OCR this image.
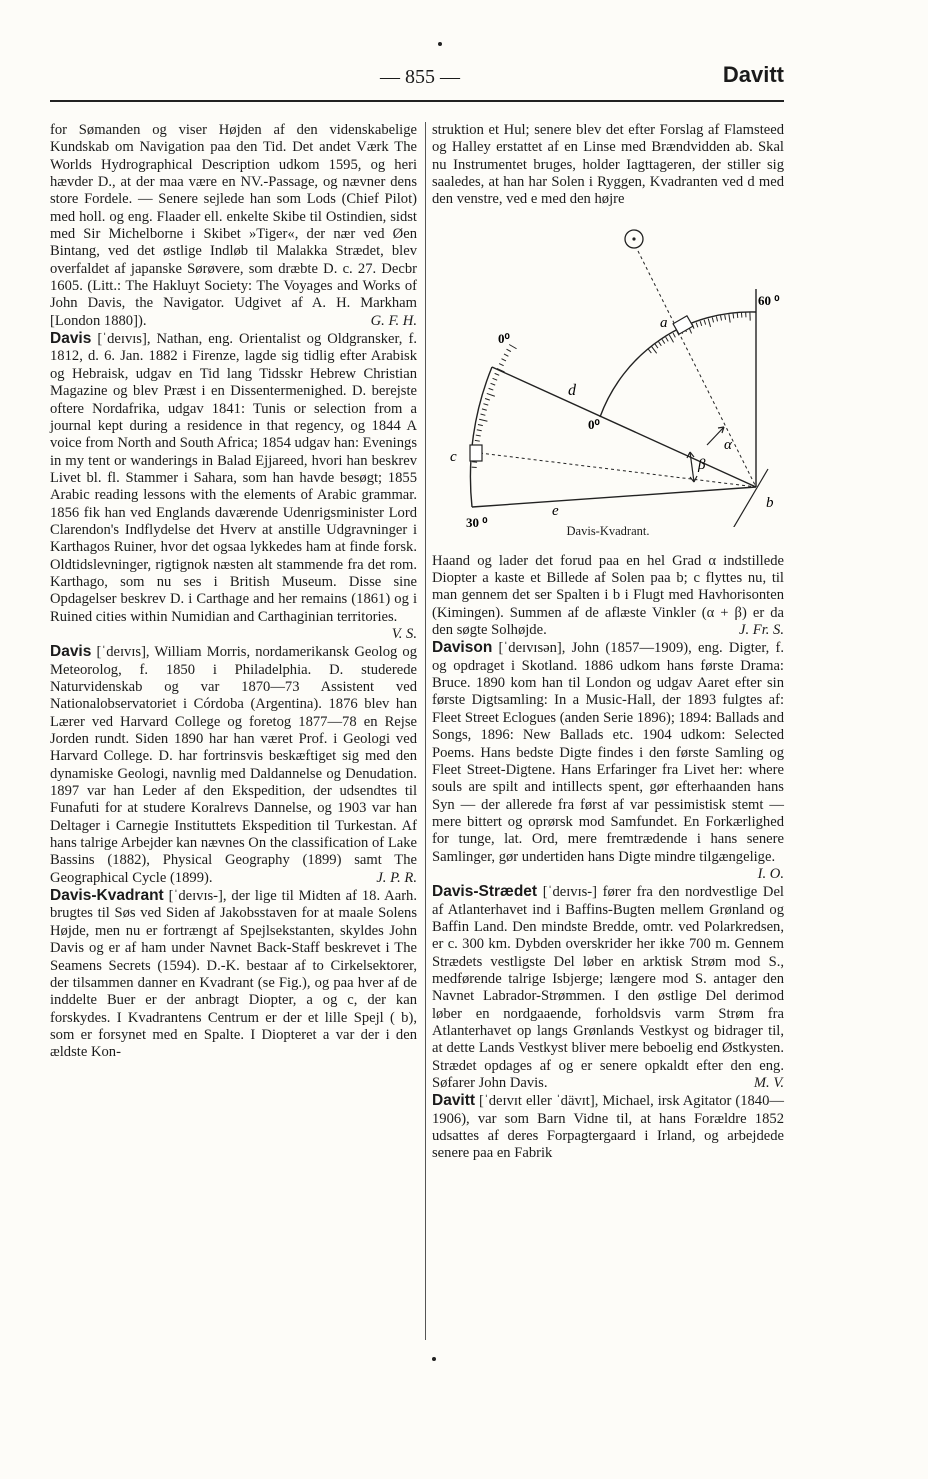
— 855 —	Davitt

for Sømanden og viser Højden af den videnskabelige Kundskab om Navigation paa den Tid. Det andet Værk The Worlds Hydrographical Description udkom 1595, og heri hævder D., at der maa være en NV.-Passage, og nævner dens store Fordele. — Senere sejlede han som Lods (Chief Pilot) med holl. og eng. Flaader ell. enkelte Skibe til Ostindien, sidst med Sir Michelborne i Skibet »Tiger«, der nær ved Øen Bintang, ved det østlige Indløb til Malakka Strædet, blev overfaldet af japanske Sørøvere, som dræbte D. c. 27. Decbr 1605. (Litt.: The Hakluyt Society: The Voyages and Works of John Davis, the Navigator. Udgivet af A. H. Markham [London 1880]).	G. F. H.

Davis [ˈdeɪvɪs], Nathan, eng. Orientalist og Oldgransker, f. 1812, d. 6. Jan. 1882 i Firenze, lagde sig tidlig efter Arabisk og Hebraisk, udgav en Tid lang Tidsskr Hebrew Christian Magazine og blev Præst i en Dissentermenighed. D. berejste oftere Nordafrika, udgav 1841: Tunis or selection from a journal kept during a residence in that regency, og 1844 A voice from North and South Africa; 1854 udgav han: Evenings in my tent or wanderings in Balad Ejjareed, hvori han beskrev Livet bl. fl. Stammer i Sahara, som han havde besøgt; 1855 Arabic reading lessons with the elements of Arabic grammar. 1856 fik han ved Englands daværende Udenrigsminister Lord Clarendon's Indflydelse det Hverv at anstille Udgravninger i Karthagos Ruiner, hvor det ogsaa lykkedes ham at finde forsk. Oldtidslevninger, rigtignok næsten alt stammende fra det rom. Karthago, som nu ses i British Museum. Disse sine Opdagelser beskrev D. i Carthage and her remains (1861) og i Ruined cities within Numidian and Carthaginian territories.
V. S.

Davis [ˈdeɪvɪs], William Morris, nordamerikansk Geolog og Meteorolog, f. 1850 i Philadelphia. D. studerede Naturvidenskab og var 1870—73 Assistent ved Nationalobservatoriet i Córdoba (Argentina). 1876 blev han Lærer ved Harvard College og foretog 1877—78 en Rejse Jorden rundt. Siden 1890 har han været Prof. i Geologi ved Harvard College. D. har fortrinsvis beskæftiget sig med den dynamiske Geologi, navnlig med Daldannelse og Denudation. 1897 var han Leder af den Ekspedition, der udsendtes til Funafuti for at studere Koralrevs Dannelse, og 1903 var han Deltager i Carnegie Instituttets Ekspedition til Turkestan. Af hans talrige Arbejder kan nævnes On the classification of Lake Bassins (1882), Physical Geography (1899) samt The Geographical Cycle (1899).	J. P. R.

Davis-Kvadrant [ˈdeɪvɪs-], der lige til Midten af 18. Aarh. brugtes til Søs ved Siden af Jakobsstaven for at maale Solens Højde, men nu er fortrængt af Spejlsekstanten, skyldes John Davis og er af ham under Navnet Back-Staff beskrevet i The Seamens Secrets (1594). D.-K. bestaar af to Cirkelsektorer, der tilsammen danner en Kvadrant (se Fig.), og paa hver af de inddelte Buer er der anbragt Diopter, a og c, der kan forskydes. I Kvadrantens Centrum er der et lille Spejl ( b), som er forsynet med en Spalte. I Diopteret a var der i den ældste Kon-

struktion et Hul; senere blev det efter Forslag af Flamsteed og Halley erstattet af en Linse med Brændvidden ab. Skal nu Instrumentet bruges, holder Iagttageren, der stiller sig saaledes, at han har Solen i Ryggen, Kvadranten ved d med den venstre, ved e med den højre

a
α
β
b
c
d
e
0⁰
60 ⁰
0⁰
30 ⁰
Davis-Kvadrant.

Haand og lader det forud paa en hel Grad α indstillede Diopter a kaste et Billede af Solen paa b; c flyttes nu, til man gennem det ser Spalten i b i Flugt med Havhorisonten (Kimingen). Summen af de aflæste Vinkler (α + β) er da den søgte Solhøjde.	J. Fr. S.

Davison [ˈdeɪvɪsən], John (1857—1909), eng. Digter, f. og opdraget i Skotland. 1886 udkom hans første Drama: Bruce. 1890 kom han til London og udgav Aaret efter sin første Digtsamling: In a Music-Hall, der 1893 fulgtes af: Fleet Street Eclogues (anden Serie 1896); 1894: Ballads and Songs, 1896: New Ballads etc. 1904 udkom: Selected Poems. Hans bedste Digte findes i den første Samling og Fleet Street-Digtene. Hans Erfaringer fra Livet her: where souls are spilt and intillects spent, gør efterhaanden hans Syn — der allerede fra først af var pessimistisk stemt — mere bittert og oprørsk mod Samfundet. En Forkærlighed for tunge, lat. Ord, mere fremtrædende i hans senere Samlinger, gør undertiden hans Digte mindre tilgængelige.
I. O.

Davis-Strædet [ˈdeɪvɪs-] fører fra den nordvestlige Del af Atlanterhavet ind i Baffins-Bugten mellem Grønland og Baffin Land. Den mindste Bredde, omtr. ved Polarkredsen, er c. 300 km. Dybden overskrider her ikke 700 m. Gennem Strædets vestligste Del løber en arktisk Strøm mod S., medførende talrige Isbjerge; længere mod S. antager den Navnet Labrador-Strømmen. I den østlige Del derimod løber en nordgaaende, forholdsvis varm Strøm fra Atlanterhavet op langs Grønlands Vestkyst og bidrager til, at dette Lands Vestkyst bliver mere beboelig end Østkysten. Strædet opdages af og er senere opkaldt efter den eng. Søfarer John Davis.	M. V.

Davitt [ˈdeɪvɪt eller ˈdävɪt], Michael, irsk Agitator (1840—1906), var som Barn Vidne til, at hans Forældre 1852 udsattes af deres Forpagtergaard i Irland, og arbejdede senere paa en Fabrik
